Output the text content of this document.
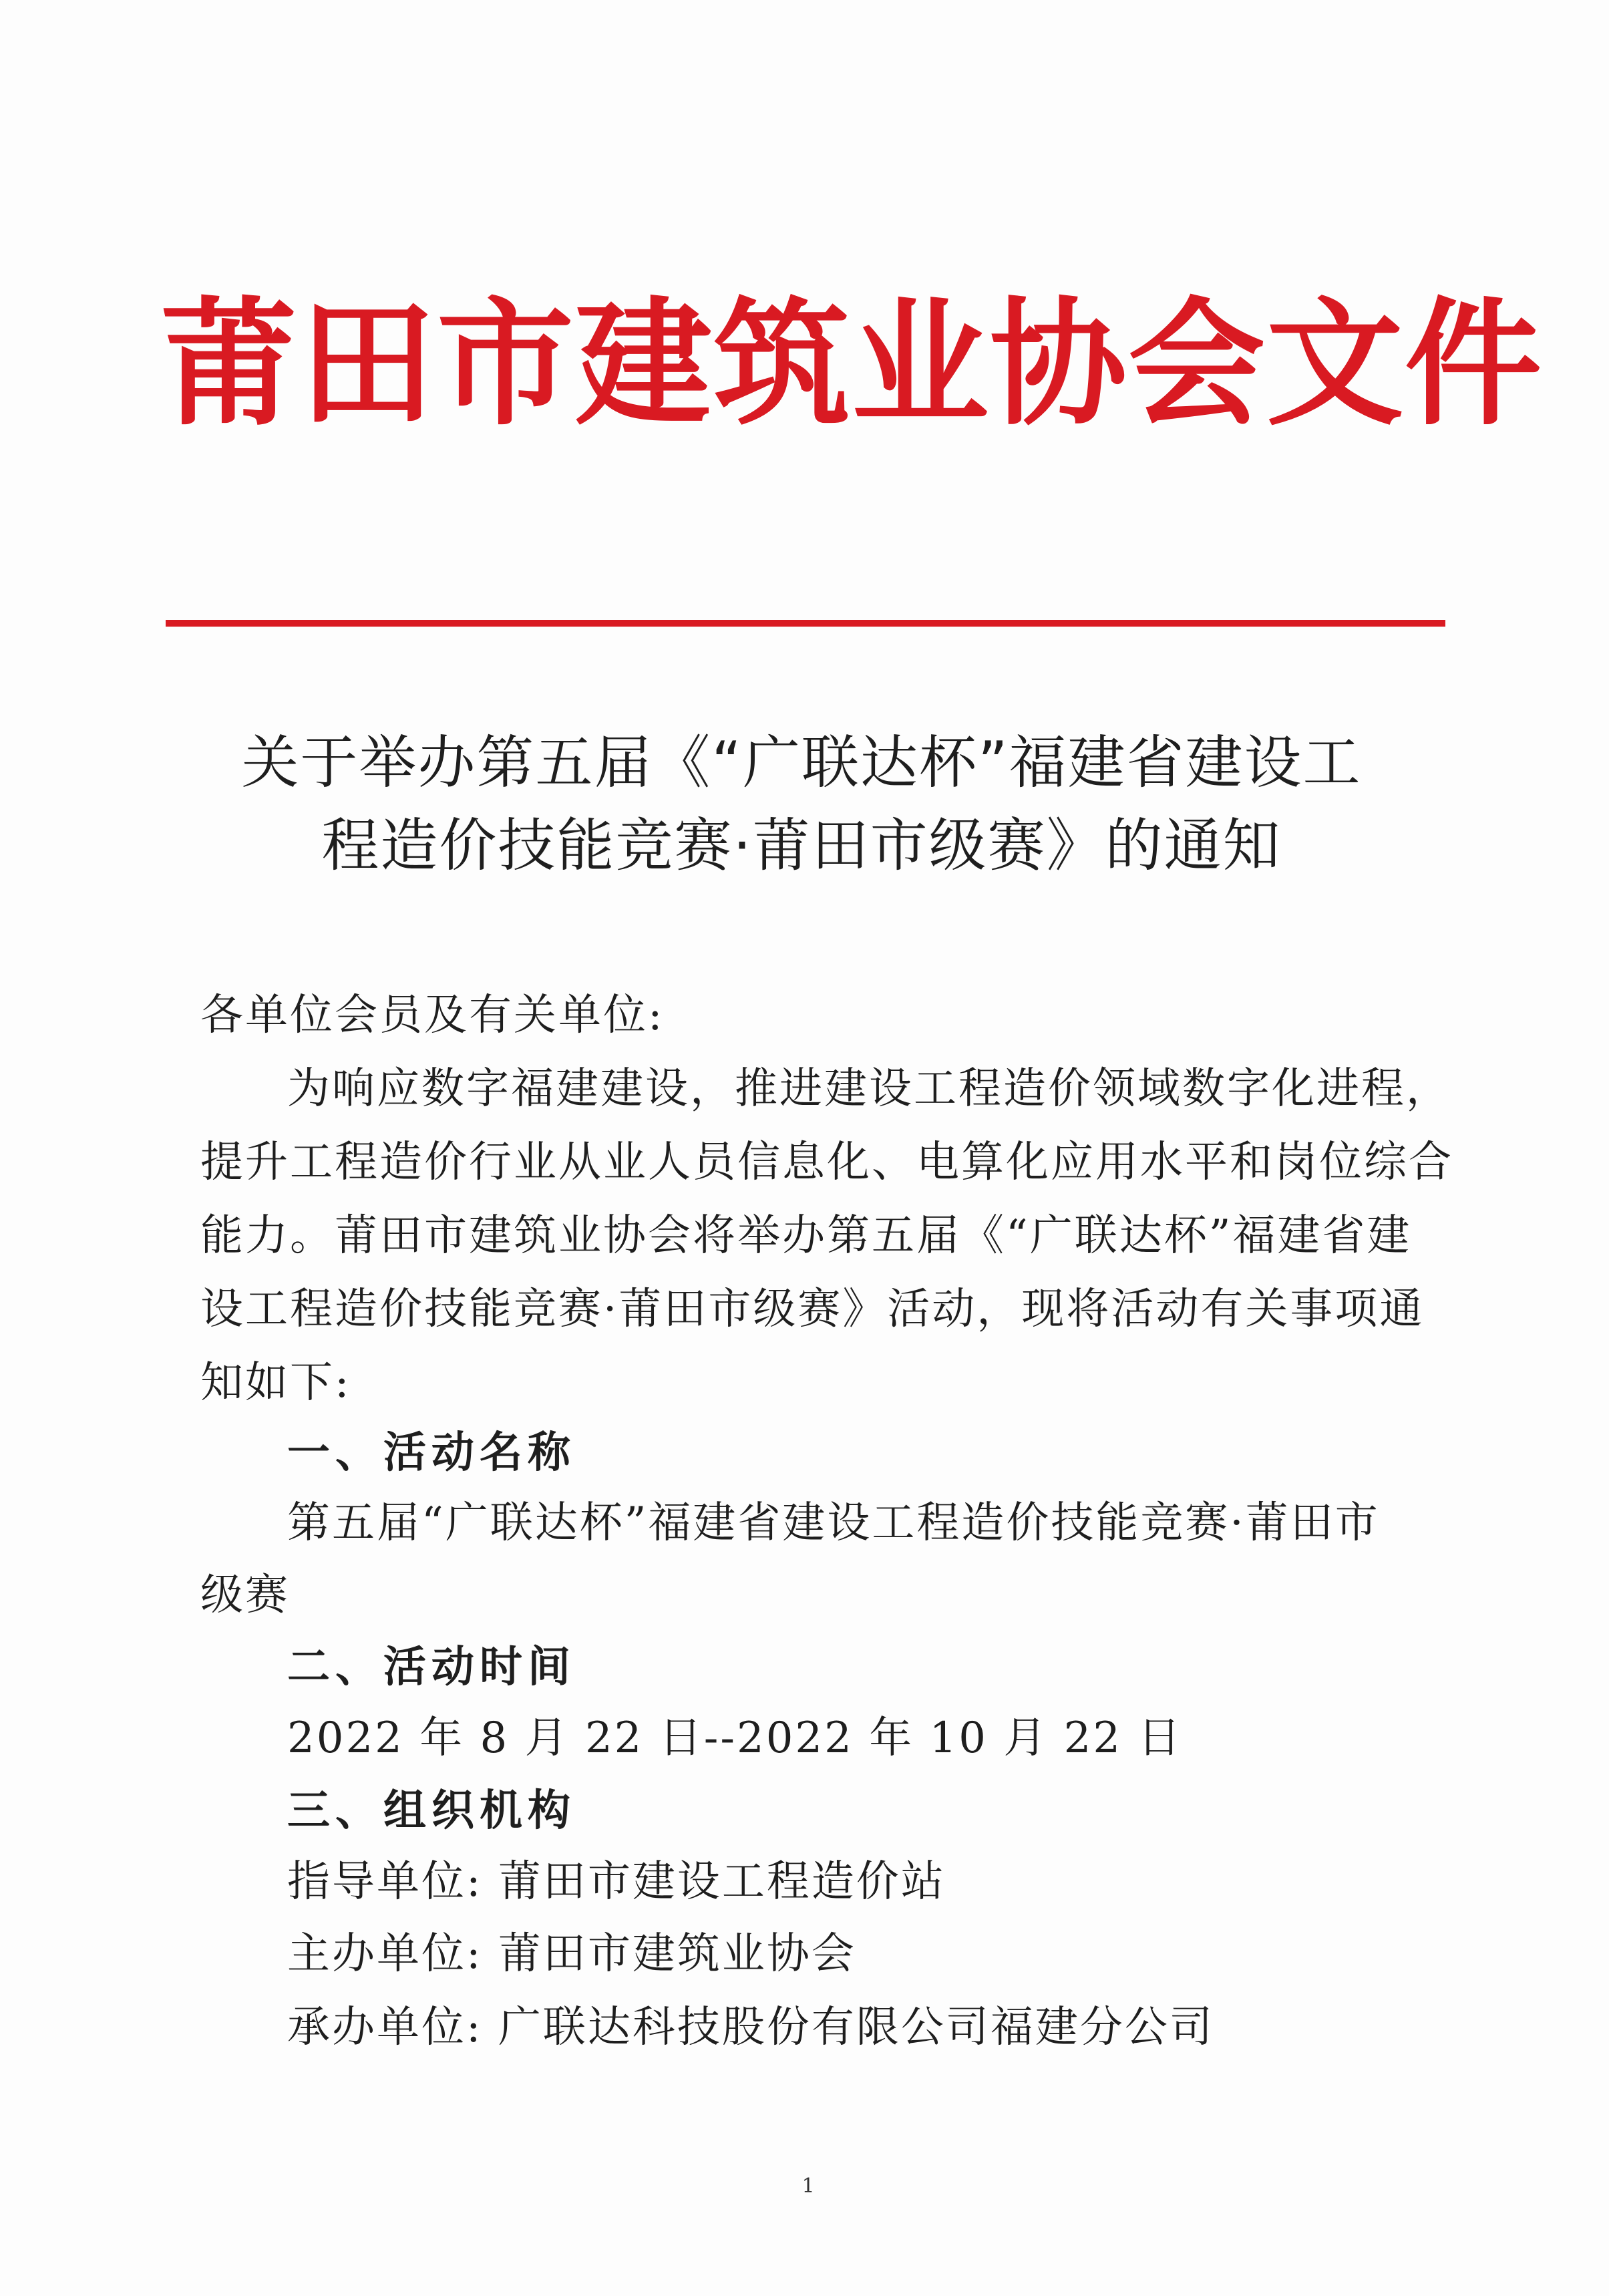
莆田市建筑业协会文件
关于举办第五届《“广联达杯”福建省建设工
程造价技能竞赛·莆田市级赛》的通知
各单位会员及有关单位:
为响应数字福建建设，推进建设工程造价领域数字化进程，
提升工程造价行业从业人员信息化、电算化应用水平和岗位综合
能力。莆田市建筑业协会将举办第五届《“广联达杯”福建省建
设工程造价技能竞赛·莆田市级赛》活动，现将活动有关事项通
知如下:
一、活动名称
第五届“广联达杯”福建省建设工程造价技能竞赛·莆田市
级赛
二、活动时间
2022 年 8 月 22 日--2022 年 10 月 22 日
三、组织机构
指导单位: 莆田市建设工程造价站
主办单位: 莆田市建筑业协会
承办单位: 广联达科技股份有限公司福建分公司
1
